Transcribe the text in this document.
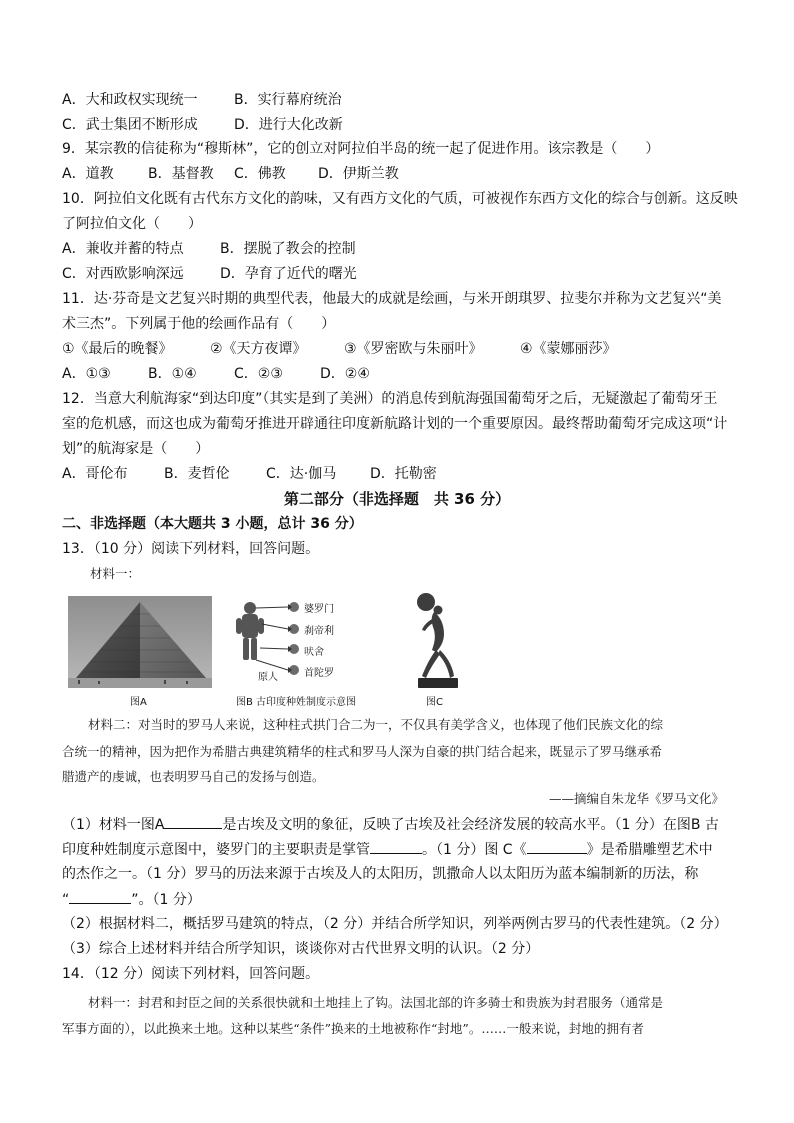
A．大和政权实现统一	B．实行幕府统治
C．武士集团不断形成	D．进行大化改新
9．某宗教的信徒称为“穆斯林”，它的创立对阿拉伯半岛的统一起了促进作用。该宗教是（　　）
A．道教 B．基督教 C．佛教 D．伊斯兰教
10．阿拉伯文化既有古代东方文化的韵味，又有西方文化的气质，可被视作东西方文化的综合与创新。这反映
了阿拉伯文化（　　）
A．兼收并蓄的特点	B．摆脱了教会的控制
C．对西欧影响深远	D．孕育了近代的曙光
11．达·芬奇是文艺复兴时期的典型代表，他最大的成就是绘画，与米开朗琪罗、拉斐尔并称为文艺复兴“美
术三杰”。下列属于他的绘画作品有（　　）
①《最后的晚餐》	②《天方夜谭》	③《罗密欧与朱丽叶》	④《蒙娜丽莎》
A．①③	B．①④	C．②③	D．②④
12．当意大利航海家“到达印度”（其实是到了美洲）的消息传到航海强国葡萄牙之后，无疑激起了葡萄牙王
室的危机感，而这也成为葡萄牙推进开辟通往印度新航路计划的一个重要原因。最终帮助葡萄牙完成这项“计
划”的航海家是（　　）
A．哥伦布	B．麦哲伦	C．达·伽马 D．托勒密
第二部分（非选择题　共 36 分）
二、非选择题（本大题共 3 小题，总计 36 分）
13．（10 分）阅读下列材料，回答问题。
材料一：
图A
婆罗门
刹帝利
吠舍
首陀罗
原人
图B 古印度种姓制度示意图	图C
材料二：对当时的罗马人来说，这种柱式拱门合二为一，不仅具有美学含义，也体现了他们民族文化的综
合统一的精神，因为把作为希腊古典建筑精华的柱式和罗马人深为自豪的拱门结合起来，既显示了罗马继承希
腊遗产的虔诚，也表明罗马自己的发扬与创造。
——摘编自朱龙华《罗马文化》
（1）材料一图A	是古埃及文明的象征，反映了古埃及社会经济发展的较高水平。（1 分）在图B 古
印度种姓制度示意图中，婆罗门的主要职责是掌管	。（1 分）图 C《	》是希腊雕塑艺术中
的杰作之一。（1 分）罗马的历法来源于古埃及人的太阳历，凯撒命人以太阳历为蓝本编制新的历法，称
“	”。（1 分）
（2）根据材料二，概括罗马建筑的特点，（2 分）并结合所学知识，列举两例古罗马的代表性建筑。（2 分）
（3）综合上述材料并结合所学知识，谈谈你对古代世界文明的认识。（2 分）
14．（12 分）阅读下列材料，回答问题。
材料一：封君和封臣之间的关系很快就和土地挂上了钩。法国北部的许多骑士和贵族为封君服务（通常是
军事方面的），以此换来土地。这种以某些“条件”换来的土地被称作“封地”。……一般来说，封地的拥有者
